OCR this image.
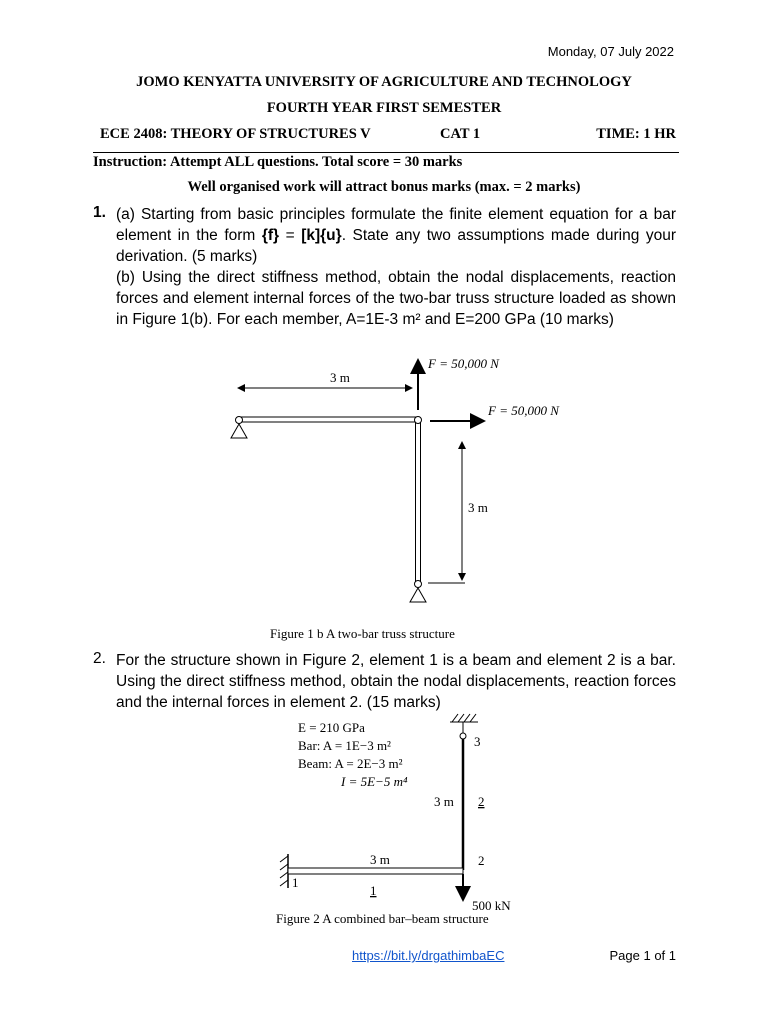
Monday, 07 July 2022
JOMO KENYATTA UNIVERSITY OF AGRICULTURE AND TECHNOLOGY
FOURTH YEAR FIRST SEMESTER
ECE 2408: THEORY OF STRUCTURES V	CAT 1	TIME: 1 HR
Instruction: Attempt ALL questions. Total score = 30 marks
Well organised work will attract bonus marks (max. = 2 marks)
1. (a) Starting from basic principles formulate the finite element equation for a bar element in the form {f} = [k]{u}. State any two assumptions made during your derivation. (5 marks)
(b) Using the direct stiffness method, obtain the nodal displacements, reaction forces and element internal forces of the two-bar truss structure loaded as shown in Figure 1(b). For each member, A=1E-3 m² and E=200 GPa (10 marks)
3 m
F = 50,000 N
F = 50,000 N
3 m
Figure 1 b A two-bar truss structure
2. For the structure shown in Figure 2, element 1 is a beam and element 2 is a bar. Using the direct stiffness method, obtain the nodal displacements, reaction forces and the internal forces in element 2. (15 marks)
E = 210 GPa
Bar: A = 1E−3 m²
Beam: A = 2E−3 m²
I = 5E−5 m⁴
3
3 m 2
3 m
1
1
2
500 kN
Figure 2 A combined bar–beam structure
https://bit.ly/drgathimbaEC	Page 1 of 1
